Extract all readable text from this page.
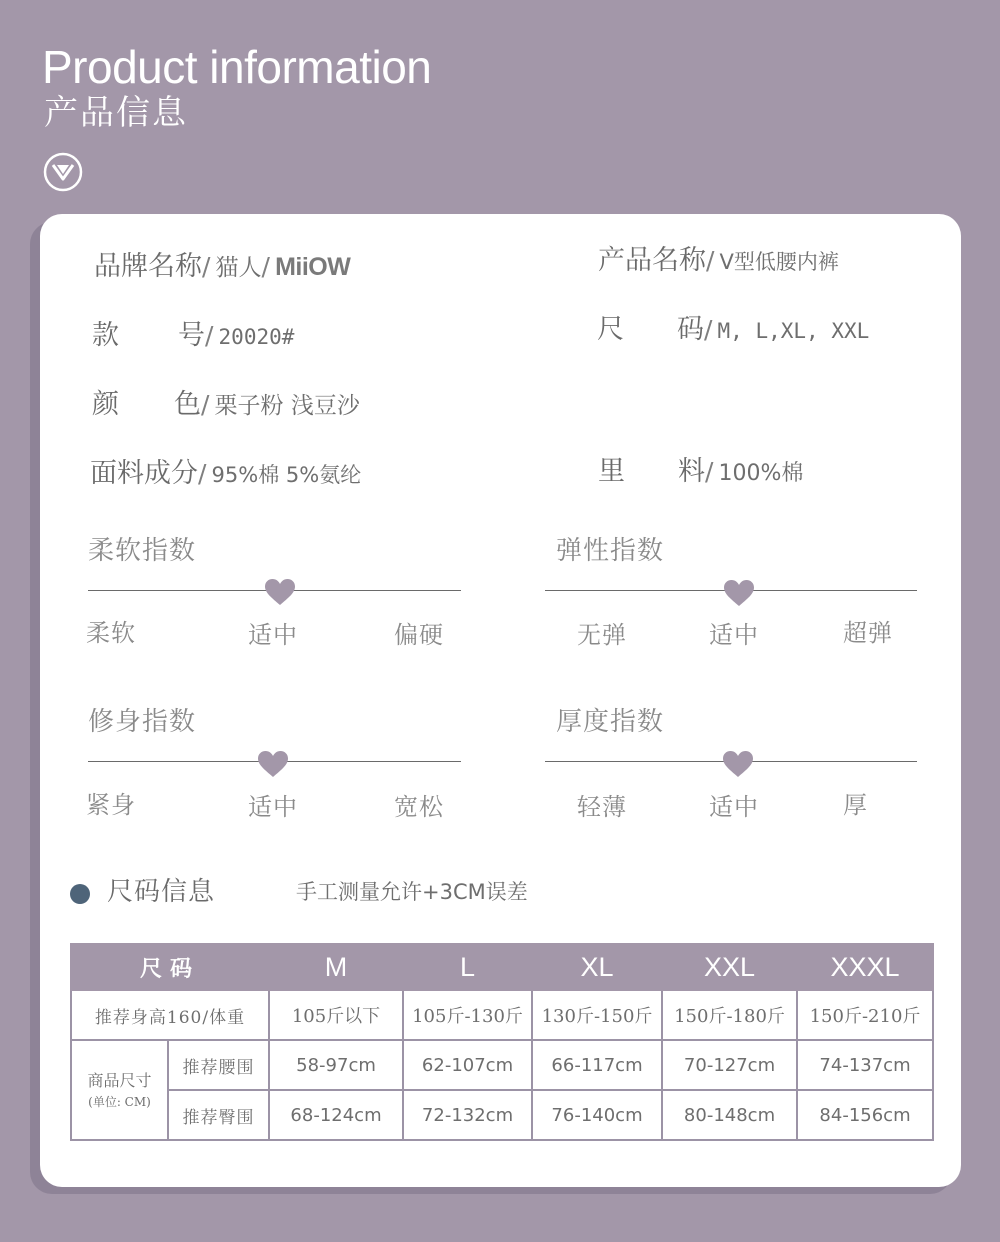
Product information
产品信息
品牌名称/ 猫人/ MiiOW
款 号/ 20020#
颜 色/ 栗子粉 浅豆沙
面料成分/ 95%棉 5%氨纶
产品名称/ V型低腰内裤
尺 码/ M, L,XL, XXL
里 料/ 100%棉
柔软指数
柔软	适中	偏硬
弹性指数
无弹	适中	超弹
修身指数
紧身	适中	宽松
厚度指数
轻薄	适中	厚
尺码信息	手工测量允许+3CM误差
尺码		M	L	XL	XXL	XXXL
推荐身高160/体重		105斤以下	105斤-130斤	130斤-150斤	150斤-180斤	150斤-210斤
商品尺寸
(单位: CM)	推荐腰围	58-97cm	62-107cm	66-117cm	70-127cm	74-137cm
	推荐臀围	68-124cm	72-132cm	76-140cm	80-148cm	84-156cm
